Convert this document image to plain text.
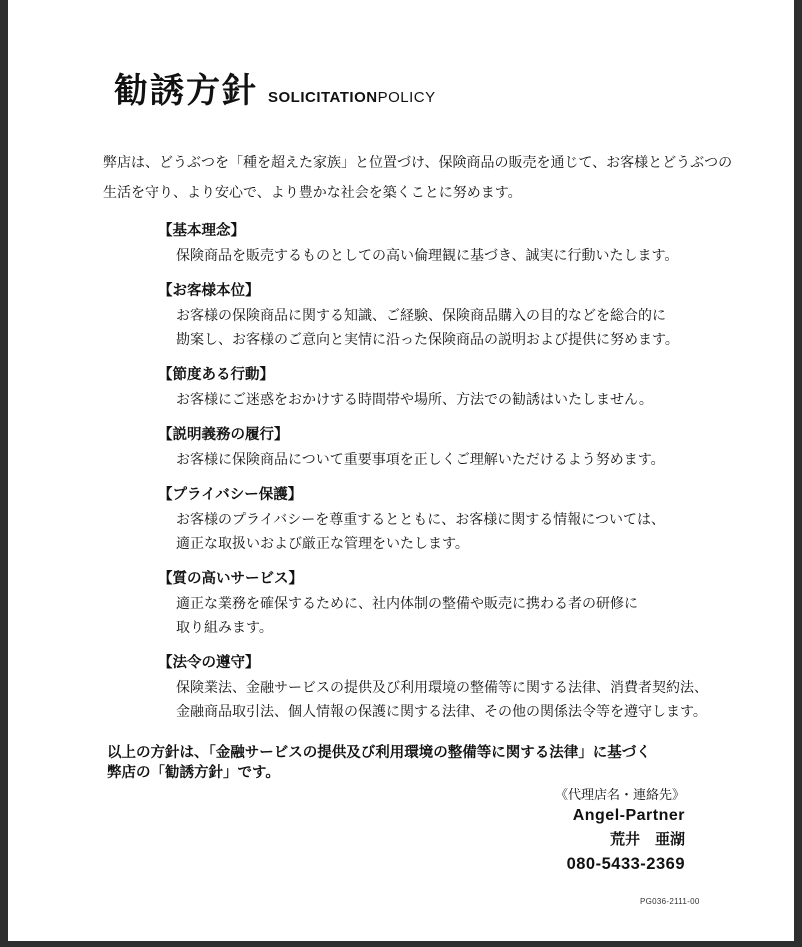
勧誘方針 SOLICITATIONPOLICY
弊店は、どうぶつを「種を超えた家族」と位置づけ、保険商品の販売を通じて、お客様とどうぶつの
生活を守り、より安心で、より豊かな社会を築くことに努めます。
【基本理念】
保険商品を販売するものとしての高い倫理観に基づき、誠実に行動いたします。
【お客様本位】
お客様の保険商品に関する知識、ご経験、保険商品購入の目的などを総合的に
勘案し、お客様のご意向と実情に沿った保険商品の説明および提供に努めます。
【節度ある行動】
お客様にご迷惑をおかけする時間帯や場所、方法での勧誘はいたしません。
【説明義務の履行】
お客様に保険商品について重要事項を正しくご理解いただけるよう努めます。
【プライバシー保護】
お客様のプライバシーを尊重するとともに、お客様に関する情報については、
適正な取扱いおよび厳正な管理をいたします。
【質の高いサービス】
適正な業務を確保するために、社内体制の整備や販売に携わる者の研修に
取り組みます。
【法令の遵守】
保険業法、金融サービスの提供及び利用環境の整備等に関する法律、消費者契約法、
金融商品取引法、個人情報の保護に関する法律、その他の関係法令等を遵守します。
以上の方針は、「金融サービスの提供及び利用環境の整備等に関する法律」に基づく
弊店の「勧誘方針」です。
《代理店名・連絡先》
Angel-Partner
荒井　亜湖
080-5433-2369
PG036-2111-00
